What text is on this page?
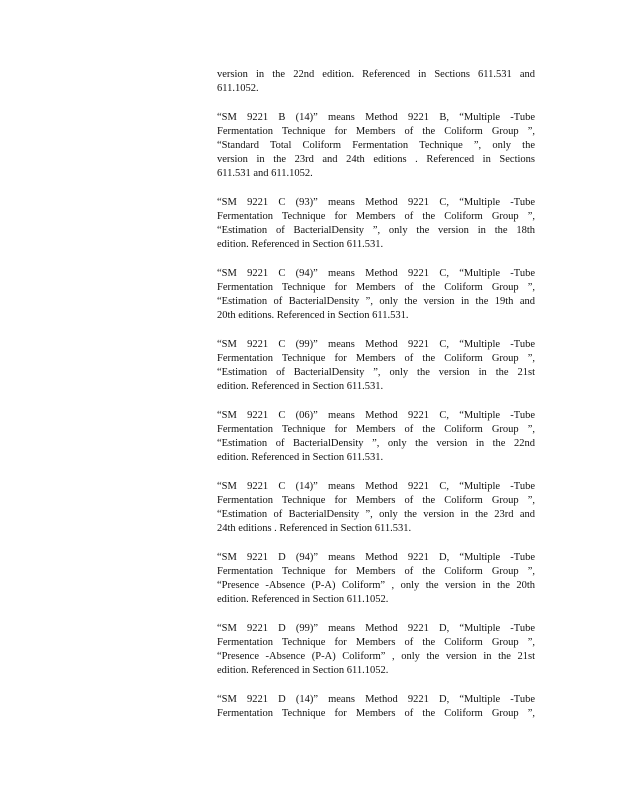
version in the 22nd edition. Referenced in Sections 611.531 and
611.1052.
“SM 9221 B (14)” means Method 9221 B, “Multiple -Tube
Fermentation Technique for Members of the Coliform Group ”,
“Standard Total Coliform Fermentation Technique ”, only the
version in the 23rd and 24th editions . Referenced in Sections
611.531 and 611.1052.
“SM 9221 C (93)” means Method 9221 C, “Multiple -Tube
Fermentation Technique for Members of the Coliform Group ”,
“Estimation of BacterialDensity ”, only the version in the 18th
edition. Referenced in Section 611.531.
“SM 9221 C (94)” means Method 9221 C, “Multiple -Tube
Fermentation Technique for Members of the Coliform Group ”,
“Estimation of BacterialDensity ”, only the version in the 19th and
20th editions. Referenced in Section 611.531.
“SM 9221 C (99)” means Method 9221 C, “Multiple -Tube
Fermentation Technique for Members of the Coliform Group ”,
“Estimation of BacterialDensity ”, only the version in the 21st
edition. Referenced in Section 611.531.
“SM 9221 C (06)” means Method 9221 C, “Multiple -Tube
Fermentation Technique for Members of the Coliform Group ”,
“Estimation of BacterialDensity ”, only the version in the 22nd
edition. Referenced in Section 611.531.
“SM 9221 C (14)” means Method 9221 C, “Multiple -Tube
Fermentation Technique for Members of the Coliform Group ”,
“Estimation of BacterialDensity ”, only the version in the 23rd and
24th editions . Referenced in Section 611.531.
“SM 9221 D (94)” means Method 9221 D, “Multiple -Tube
Fermentation Technique for Members of the Coliform Group ”,
“Presence -Absence (P-A) Coliform” , only the version in the 20th
edition. Referenced in Section 611.1052.
“SM 9221 D (99)” means Method 9221 D, “Multiple -Tube
Fermentation Technique for Members of the Coliform Group ”,
“Presence -Absence (P-A) Coliform” , only the version in the 21st
edition. Referenced in Section 611.1052.
“SM 9221 D (14)” means Method 9221 D, “Multiple -Tube
Fermentation Technique for Members of the Coliform Group ”,
